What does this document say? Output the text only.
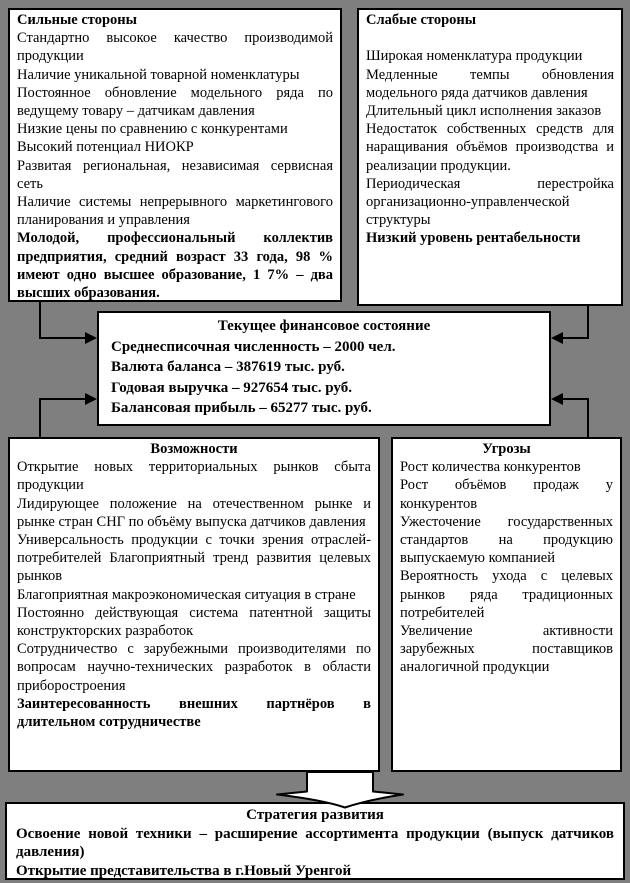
Сильные стороны

Стандартно высокое качество производимой продукции

Наличие уникальной товарной номенклатуры

Постоянное обновление модельного ряда по ведущему товару – датчикам давления

Низкие цены по сравнению с конкурентами

Высокий потенциал НИОКР

Развитая региональная, независимая сервисная сеть

Наличие системы непрерывного маркетингового планирования и управления

Молодой, профессиональный коллектив предприятия, средний возраст 33 года, 98 % имеют одно высшее образование, 1 7% – два высших образования.

Слабые стороны

Широкая номенклатура продукции

Медленные темпы обновления модельного ряда датчиков давления

Длительный цикл исполнения заказов

Недостаток собственных средств для наращивания объёмов производства и реализации продукции.

Периодическая перестройка организационно-управленческой структуры

Низкий уровень рентабельности

Текущее финансовое состояние

Среднесписочная численность – 2000 чел.

Валюта баланса – 387619 тыс. руб.

Годовая выручка – 927654 тыс. руб.

Балансовая прибыль – 65277 тыс. руб.

Возможности

Открытие новых территориальных рынков сбыта продукции

Лидирующее положение на отечественном рынке и рынке стран СНГ по объёму выпуска датчиков давления

Универсальность продукции с точки зрения отраслей-потребителей Благоприятный тренд развития целевых рынков

Благоприятная макроэкономическая ситуация в стране

Постоянно действующая система патентной защиты конструкторских разработок

Сотрудничество с зарубежными производителями по вопросам научно-технических разработок в области приборостроения

Заинтересованность внешних партнёров в длительном сотрудничестве

Угрозы

Рост количества конкурентов

Рост объёмов продаж у конкурентов

Ужесточение государственных стандартов на продукцию выпускаемую компанией

Вероятность ухода с целевых рынков ряда традиционных потребителей

Увеличение активности зарубежных поставщиков аналогичной продукции

Стратегия развития

Освоение новой техники – расширение ассортимента продукции (выпуск датчиков давления)

Открытие представительства в г.Новый Уренгой
